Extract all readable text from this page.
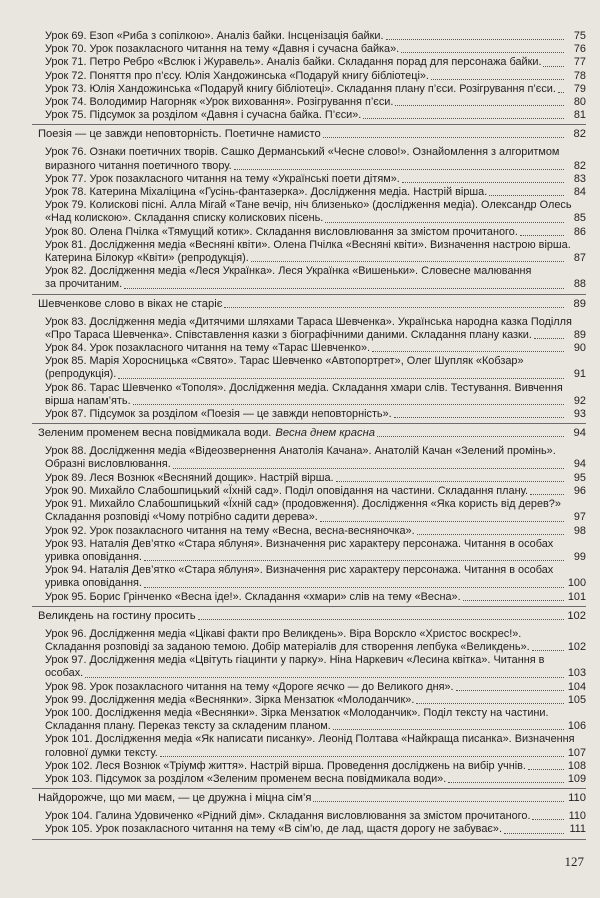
Урок 69. Езоп «Риба з сопілкою». Аналіз байки. Інсценізація байки.	75
Урок 70. Урок позакласного читання на тему «Давня і сучасна байка».	76
Урок 71. Петро Ребро «Вслюк і Журавель». Аналіз байки. Складання порад для персонажа байки.	77
Урок 72. Поняття про п’єсу. Юлія Хандожинська «Подаруй книгу бібліотеці».	78
Урок 73. Юлія Хандожинська «Подаруй книгу бібліотеці». Складання плану п’єси. Розігрування п’єси.	79
Урок 74. Володимир Нагорняк «Урок виховання». Розігрування п’єси.	80
Урок 75. Підсумок за розділом «Давня і сучасна байка. П’єси».	81
Поезія — це завжди неповторність. Поетичне намисто	82
Урок 76. Ознаки поетичних творів. Сашко Дерманський «Чесне слово!». Ознайомлення з алгоритмом
виразного читання поетичного твору.	82
Урок 77. Урок позакласного читання на тему «Українські поети дітям».	83
Урок 78. Катерина Міхаліцина «Гусінь-фантазерка». Дослідження медіа. Настрій вірша.	84
Урок 79. Колискові пісні. Алла Мігай «Тане вечір, ніч близенько» (дослідження медіа). Олександр Олесь
«Над колискою». Складання списку колискових пісень.	85
Урок 80. Олена Пчілка «Тямущий котик». Складання висловлювання за змістом прочитаного.	86
Урок 81. Дослідження медіа «Весняні квіти». Олена Пчілка «Весняні квіти». Визначення настрою вірша.
Катерина Білокур «Квіти» (репродукція).	87
Урок 82. Дослідження медіа «Леся Українка». Леся Українка «Вишеньки». Словесне малювання
за прочитаним.	88
Шевченкове слово в віках не старіє	89
Урок 83. Дослідження медіа «Дитячими шляхами Тараса Шевченка». Українська народна казка Поділля
«Про Тараса Шевченка». Співставлення казки з біографічними даними. Складання плану казки.	89
Урок 84. Урок позакласного читання на тему «Тарас Шевченко».	90
Урок 85. Марія Хоросницька «Свято». Тарас Шевченко «Автопортрет», Олег Шупляк «Кобзар»
(репродукція).	91
Урок 86. Тарас Шевченко «Тополя». Дослідження медіа. Складання хмари слів. Тестування. Вивчення
вірша напам’ять.	92
Урок 87. Підсумок за розділом «Поезія — це завжди неповторність».	93
Зеленим променем весна повідмикала води. Весна днем красна	94
Урок 88. Дослідження медіа «Відеозвернення Анатолія Качана». Анатолій Качан «Зелений промінь».
Образні висловлювання.	94
Урок 89. Леся Вознюк «Весняний дощик». Настрій вірша.	95
Урок 90. Михайло Слабошпицький «Їхній сад». Поділ оповідання на частини. Складання плану.	96
Урок 91. Михайло Слабошпицький «Їхній сад» (продовження). Дослідження «Яка користь від дерев?»
Складання розповіді «Чому потрібно садити дерева».	97
Урок 92. Урок позакласного читання на тему «Весна, весна-весняночка».	98
Урок 93. Наталія Дев’ятко «Стара яблуня». Визначення рис характеру персонажа. Читання в особах
уривка оповідання.	99
Урок 94. Наталія Дев’ятко «Стара яблуня». Визначення рис характеру персонажа. Читання в особах
уривка оповідання.	100
Урок 95. Борис Грінченко «Весна іде!». Складання «хмари» слів на тему «Весна».	101
Великдень на гостину просить	102
Урок 96. Дослідження медіа «Цікаві факти про Великдень». Віра Ворскло «Христос воскрес!».
Складання розповіді за заданою темою. Добір матеріалів для створення лепбука «Великдень».	102
Урок 97. Дослідження медіа «Цвітуть гіацинти у парку». Ніна Наркевич «Лесина квітка». Читання в
особах.	103
Урок 98. Урок позакласного читання на тему «Дороге яєчко — до Великого дня».	104
Урок 99. Дослідження медіа «Веснянки». Зірка Мензатюк «Молоданчик».	105
Урок 100. Дослідження медіа «Веснянки». Зірка Мензатюк «Молоданчик». Поділ тексту на частини.
Складання плану. Переказ тексту за складеним планом.	106
Урок 101. Дослідження медіа «Як написати писанку». Леонід Полтава «Найкраща писанка». Визначення
головної думки тексту.	107
Урок 102. Леся Вознюк «Тріумф життя». Настрій вірша. Проведення досліджень на вибір учнів.	108
Урок 103. Підсумок за розділом «Зеленим променем весна повідмикала води».	109
Найдорожче, що ми маєм, — це дружна і міцна сім’я	110
Урок 104. Галина Удовиченко «Рідний дім». Складання висловлювання за змістом прочитаного.	110
Урок 105. Урок позакласного читання на тему «В сім’ю, де лад, щастя дорогу не забуває».	111
127
